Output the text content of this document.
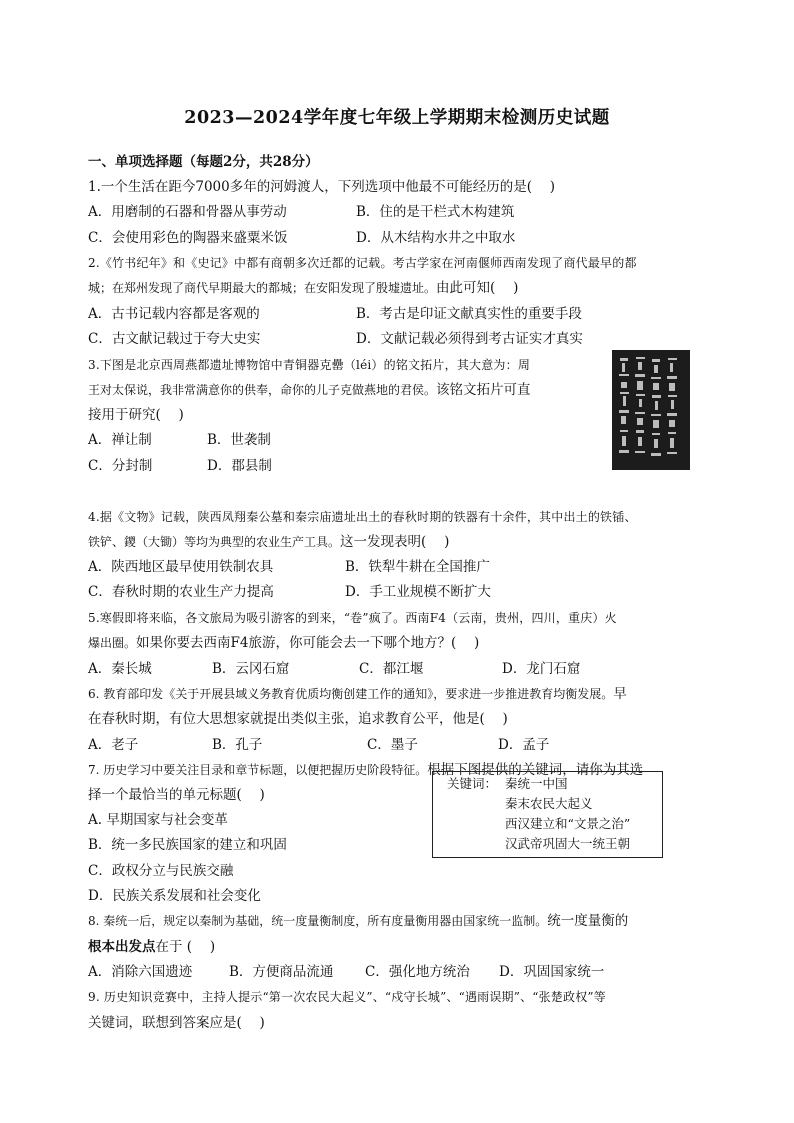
2023—2024学年度七年级上学期期末检测历史试题
一、单项选择题（每题2分，共28分）
1.一个生活在距今7000多年的河姆渡人，下列选项中他最不可能经历的是(　 )
A．用磨制的石器和骨器从事劳动	B．住的是干栏式木构建筑
C．会使用彩色的陶器来盛粟米饭	D．从木结构水井之中取水
2.《竹书纪年》和《史记》中都有商朝多次迁都的记载。考古学家在河南偃师西南发现了商代最早的都
城；在郑州发现了商代早期最大的都城；在安阳发现了殷墟遗址。由此可知(　 )
A．古书记载内容都是客观的	B．考古是印证文献真实性的重要手段
C．古文献记载过于夸大史实	D．文献记载必须得到考古证实才真实
3.下图是北京西周燕都遗址博物馆中青铜器克罍（léi）的铭文拓片，其大意为：周
王对太保说，我非常满意你的供奉，命你的儿子克做燕地的君侯。该铭文拓片可直
接用于研究(　 )
A．禅让制	B．世袭制
C．分封制	D．郡县制
4.据《文物》记载，陕西凤翔秦公墓和秦宗庙遗址出土的春秋时期的铁器有十余件，其中出土的铁锸、
铁铲、鑁（大锄）等均为典型的农业生产工具。这一发现表明(　 )
A．陕西地区最早使用铁制农具	B．铁犁牛耕在全国推广
C．春秋时期的农业生产力提高	D．手工业规模不断扩大
5.寒假即将来临，各文旅局为吸引游客的到来，“卷”疯了。西南F4（云南，贵州，四川，重庆）火
爆出圈。如果你要去西南F4旅游，你可能会去一下哪个地方？(　 )
A．秦长城	B．云冈石窟	C．都江堰	D．龙门石窟
6. 教育部印发《关于开展县域义务教育优质均衡创建工作的通知》，要求进一步推进教育均衡发展。早
在春秋时期，有位大思想家就提出类似主张，追求教育公平，他是(　 )
A．老子	B．孔子	C．墨子	D．孟子
7. 历史学习中要关注目录和章节标题，以便把握历史阶段特征。根据下图提供的关键词，请你为其选
择一个最恰当的单元标题(　 )
A. 早期国家与社会变革
B．统一多民族国家的建立和巩固
C．政权分立与民族交融
D．民族关系发展和社会变化
关键词： 秦统一中国
秦末农民大起义
西汉建立和“文景之治”
汉武帝巩固大一统王朝
8. 秦统一后，规定以秦制为基础，统一度量衡制度，所有度量衡用器由国家统一监制。统一度量衡的
根本出发点在于 (　 )
A．消除六国遗迹	B．方便商品流通 C．强化地方统治 D．巩固国家统一
9. 历史知识竞赛中，主持人提示“第一次农民大起义”、“戍守长城”、“遇雨误期”、“张楚政权”等
关键词，联想到答案应是(　 )
